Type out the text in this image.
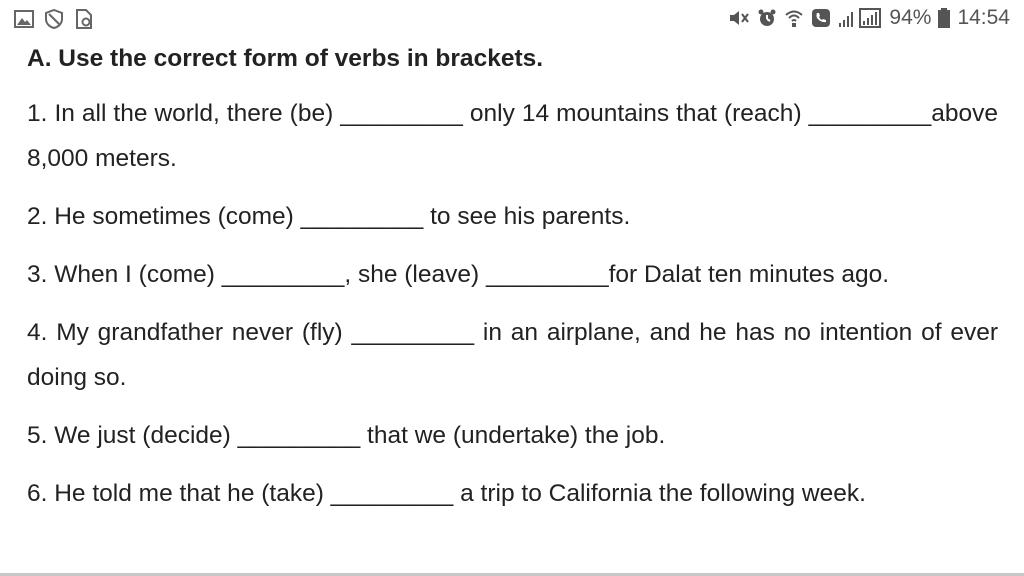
94% 14:54
A. Use the correct form of verbs in brackets.
1. In all the world, there (be) _________ only 14 mountains that (reach) _________above 8,000 meters.
2. He sometimes (come) _________ to see his parents.
3. When I (come) _________, she (leave) _________for Dalat ten minutes ago.
4. My grandfather never (fly) _________ in an airplane, and he has no intention of ever doing so.
5. We just (decide) _________ that we (undertake) the job.
6. He told me that he (take) _________ a trip to California the following week.
